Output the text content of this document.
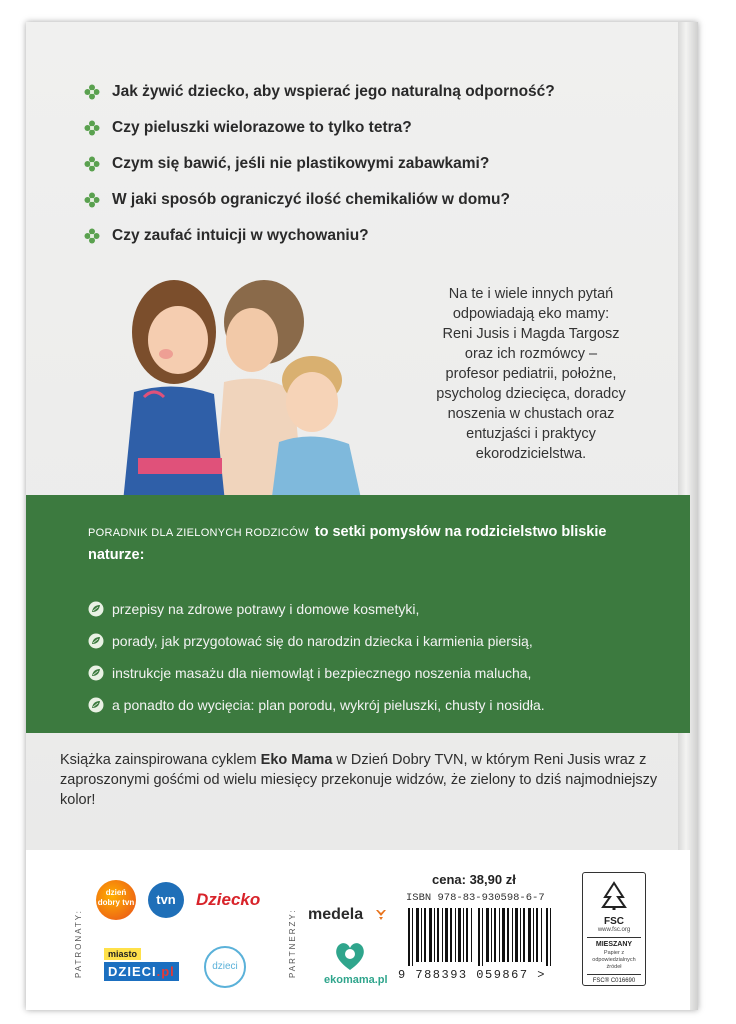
Jak żywić dziecko, aby wspierać jego naturalną odporność?
Czy pieluszki wielorazowe to tylko tetra?
Czym się bawić, jeśli nie plastikowymi zabawkami?
W jaki sposób ograniczyć ilość chemikaliów w domu?
Czy zaufać intuicji w wychowaniu?
Na te i wiele innych pytań
odpowiadają eko mamy:
Reni Jusis i Magda Targosz
oraz ich rozmówcy –
profesor pediatrii, położne,
psycholog dziecięca, doradcy
noszenia w chustach oraz
entuzjaści i praktycy
ekorodzicielstwa.
PORADNIK DLA ZIELONYCH RODZICÓW to setki pomysłów na rodzicielstwo bliskie naturze:
przepisy na zdrowe potrawy i domowe kosmetyki,
porady, jak przygotować się do narodzin dziecka i karmienia piersią,
instrukcje masażu dla niemowląt i bezpiecznego noszenia malucha,
a ponadto do wycięcia: plan porodu, wykrój pieluszki, chusty i nosidła.
Książka zainspirowana cyklem Eko Mama w Dzień Dobry TVN, w którym Reni Jusis wraz z zaproszonymi gośćmi od wielu miesięcy przekonuje widzów, że zielony to dziś najmodniejszy kolor!
PATRONATY:
dzień dobry tvn	tvn	Dziecko
miasto
DZIECI.pl	dzieci	PARTNERZY: medela
ekomama.pl
cena: 38,90 zł
ISBN 978-83-930598-6-7
9 788393 059867 >
FSC
www.fsc.org
MIESZANY
Papier z odpowiedzialnych źródeł
FSC® C016690
